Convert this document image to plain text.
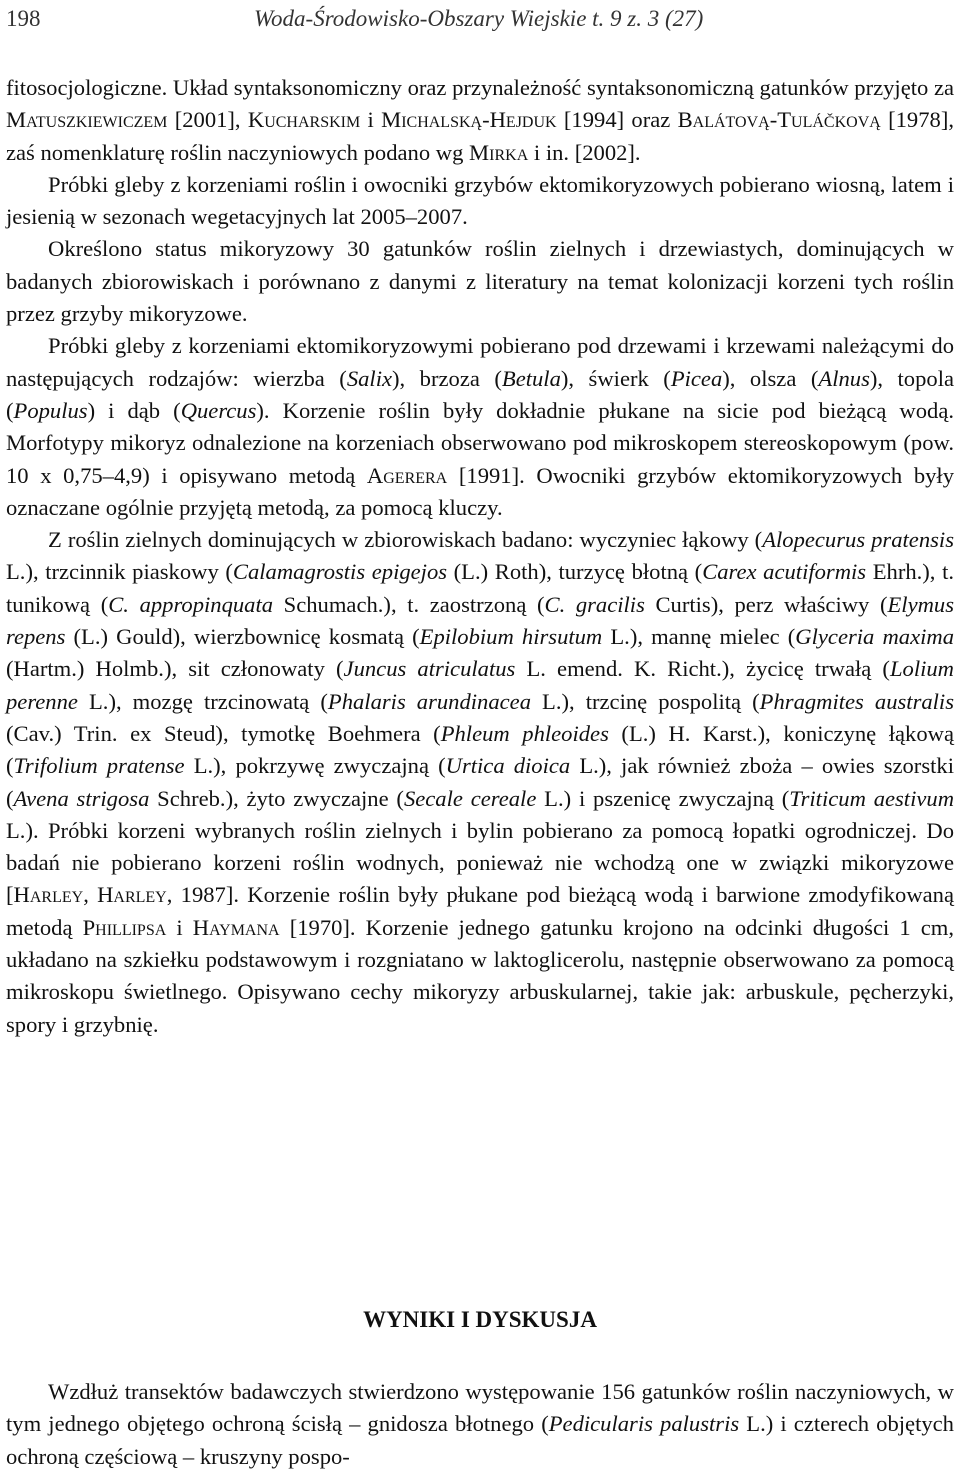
198	Woda-Środowisko-Obszary Wiejskie t. 9 z. 3 (27)

fitosocjologiczne. Układ syntaksonomiczny oraz przynależność syntaksonomiczną gatunków przyjęto za Matuszkiewiczem [2001], Kucharskim i Michalską-Hejduk [1994] oraz Balátovą-Tuláčkovą [1978], zaś nomenklaturę roślin naczyniowych podano wg Mirka i in. [2002].

Próbki gleby z korzeniami roślin i owocniki grzybów ektomikoryzowych pobierano wiosną, latem i jesienią w sezonach wegetacyjnych lat 2005–2007.

Określono status mikoryzowy 30 gatunków roślin zielnych i drzewiastych, dominujących w badanych zbiorowiskach i porównano z danymi z literatury na temat kolonizacji korzeni tych roślin przez grzyby mikoryzowe.

Próbki gleby z korzeniami ektomikoryzowymi pobierano pod drzewami i krzewami należącymi do następujących rodzajów: wierzba (Salix), brzoza (Betula), świerk (Picea), olsza (Alnus), topola (Populus) i dąb (Quercus). Korzenie roślin były dokładnie płukane na sicie pod bieżącą wodą. Morfotypy mikoryz odnalezione na korzeniach obserwowano pod mikroskopem stereoskopowym (pow. 10 x 0,75–4,9) i opisywano metodą Agerera [1991]. Owocniki grzybów ektomikoryzowych były oznaczane ogólnie przyjętą metodą, za pomocą kluczy.

Z roślin zielnych dominujących w zbiorowiskach badano: wyczyniec łąkowy (Alopecurus pratensis L.), trzcinnik piaskowy (Calamagrostis epigejos (L.) Roth), turzycę błotną (Carex acutiformis Ehrh.), t. tunikową (C. appropinquata Schumach.), t. zaostrzoną (C. gracilis Curtis), perz właściwy (Elymus repens (L.) Gould), wierzbownicę kosmatą (Epilobium hirsutum L.), mannę mielec (Glyceria maxima (Hartm.) Holmb.), sit członowaty (Juncus atriculatus L. emend. K. Richt.), życicę trwałą (Lolium perenne L.), mozgę trzcinowatą (Phalaris arundinacea L.), trzcinę pospolitą (Phragmites australis (Cav.) Trin. ex Steud), tymotkę Boehmera (Phleum phleoides (L.) H. Karst.), koniczynę łąkową (Trifolium pratense L.), pokrzywę zwyczajną (Urtica dioica L.), jak również zboża – owies szorstki (Avena strigosa Schreb.), żyto zwyczajne (Secale cereale L.) i pszenicę zwyczajną (Triticum aestivum L.). Próbki korzeni wybranych roślin zielnych i bylin pobierano za pomocą łopatki ogrodniczej. Do badań nie pobierano korzeni roślin wodnych, ponieważ nie wchodzą one w związki mikoryzowe [Harley, Harley, 1987]. Korzenie roślin były płukane pod bieżącą wodą i barwione zmodyfikowaną metodą Phillipsa i Haymana [1970]. Korzenie jednego gatunku krojono na odcinki długości 1 cm, układano na szkiełku podstawowym i rozgniatano w laktoglicerolu, następnie obserwowano za pomocą mikroskopu świetlnego. Opisywano cechy mikoryzy arbuskularnej, takie jak: arbuskule, pęcherzyki, spory i grzybnię.

WYNIKI I DYSKUSJA

Wzdłuż transektów badawczych stwierdzono występowanie 156 gatunków roślin naczyniowych, w tym jednego objętego ochroną ścisłą – gnidosza błotnego (Pedicularis palustris L.) i czterech objętych ochroną częściową – kruszyny pospo-
